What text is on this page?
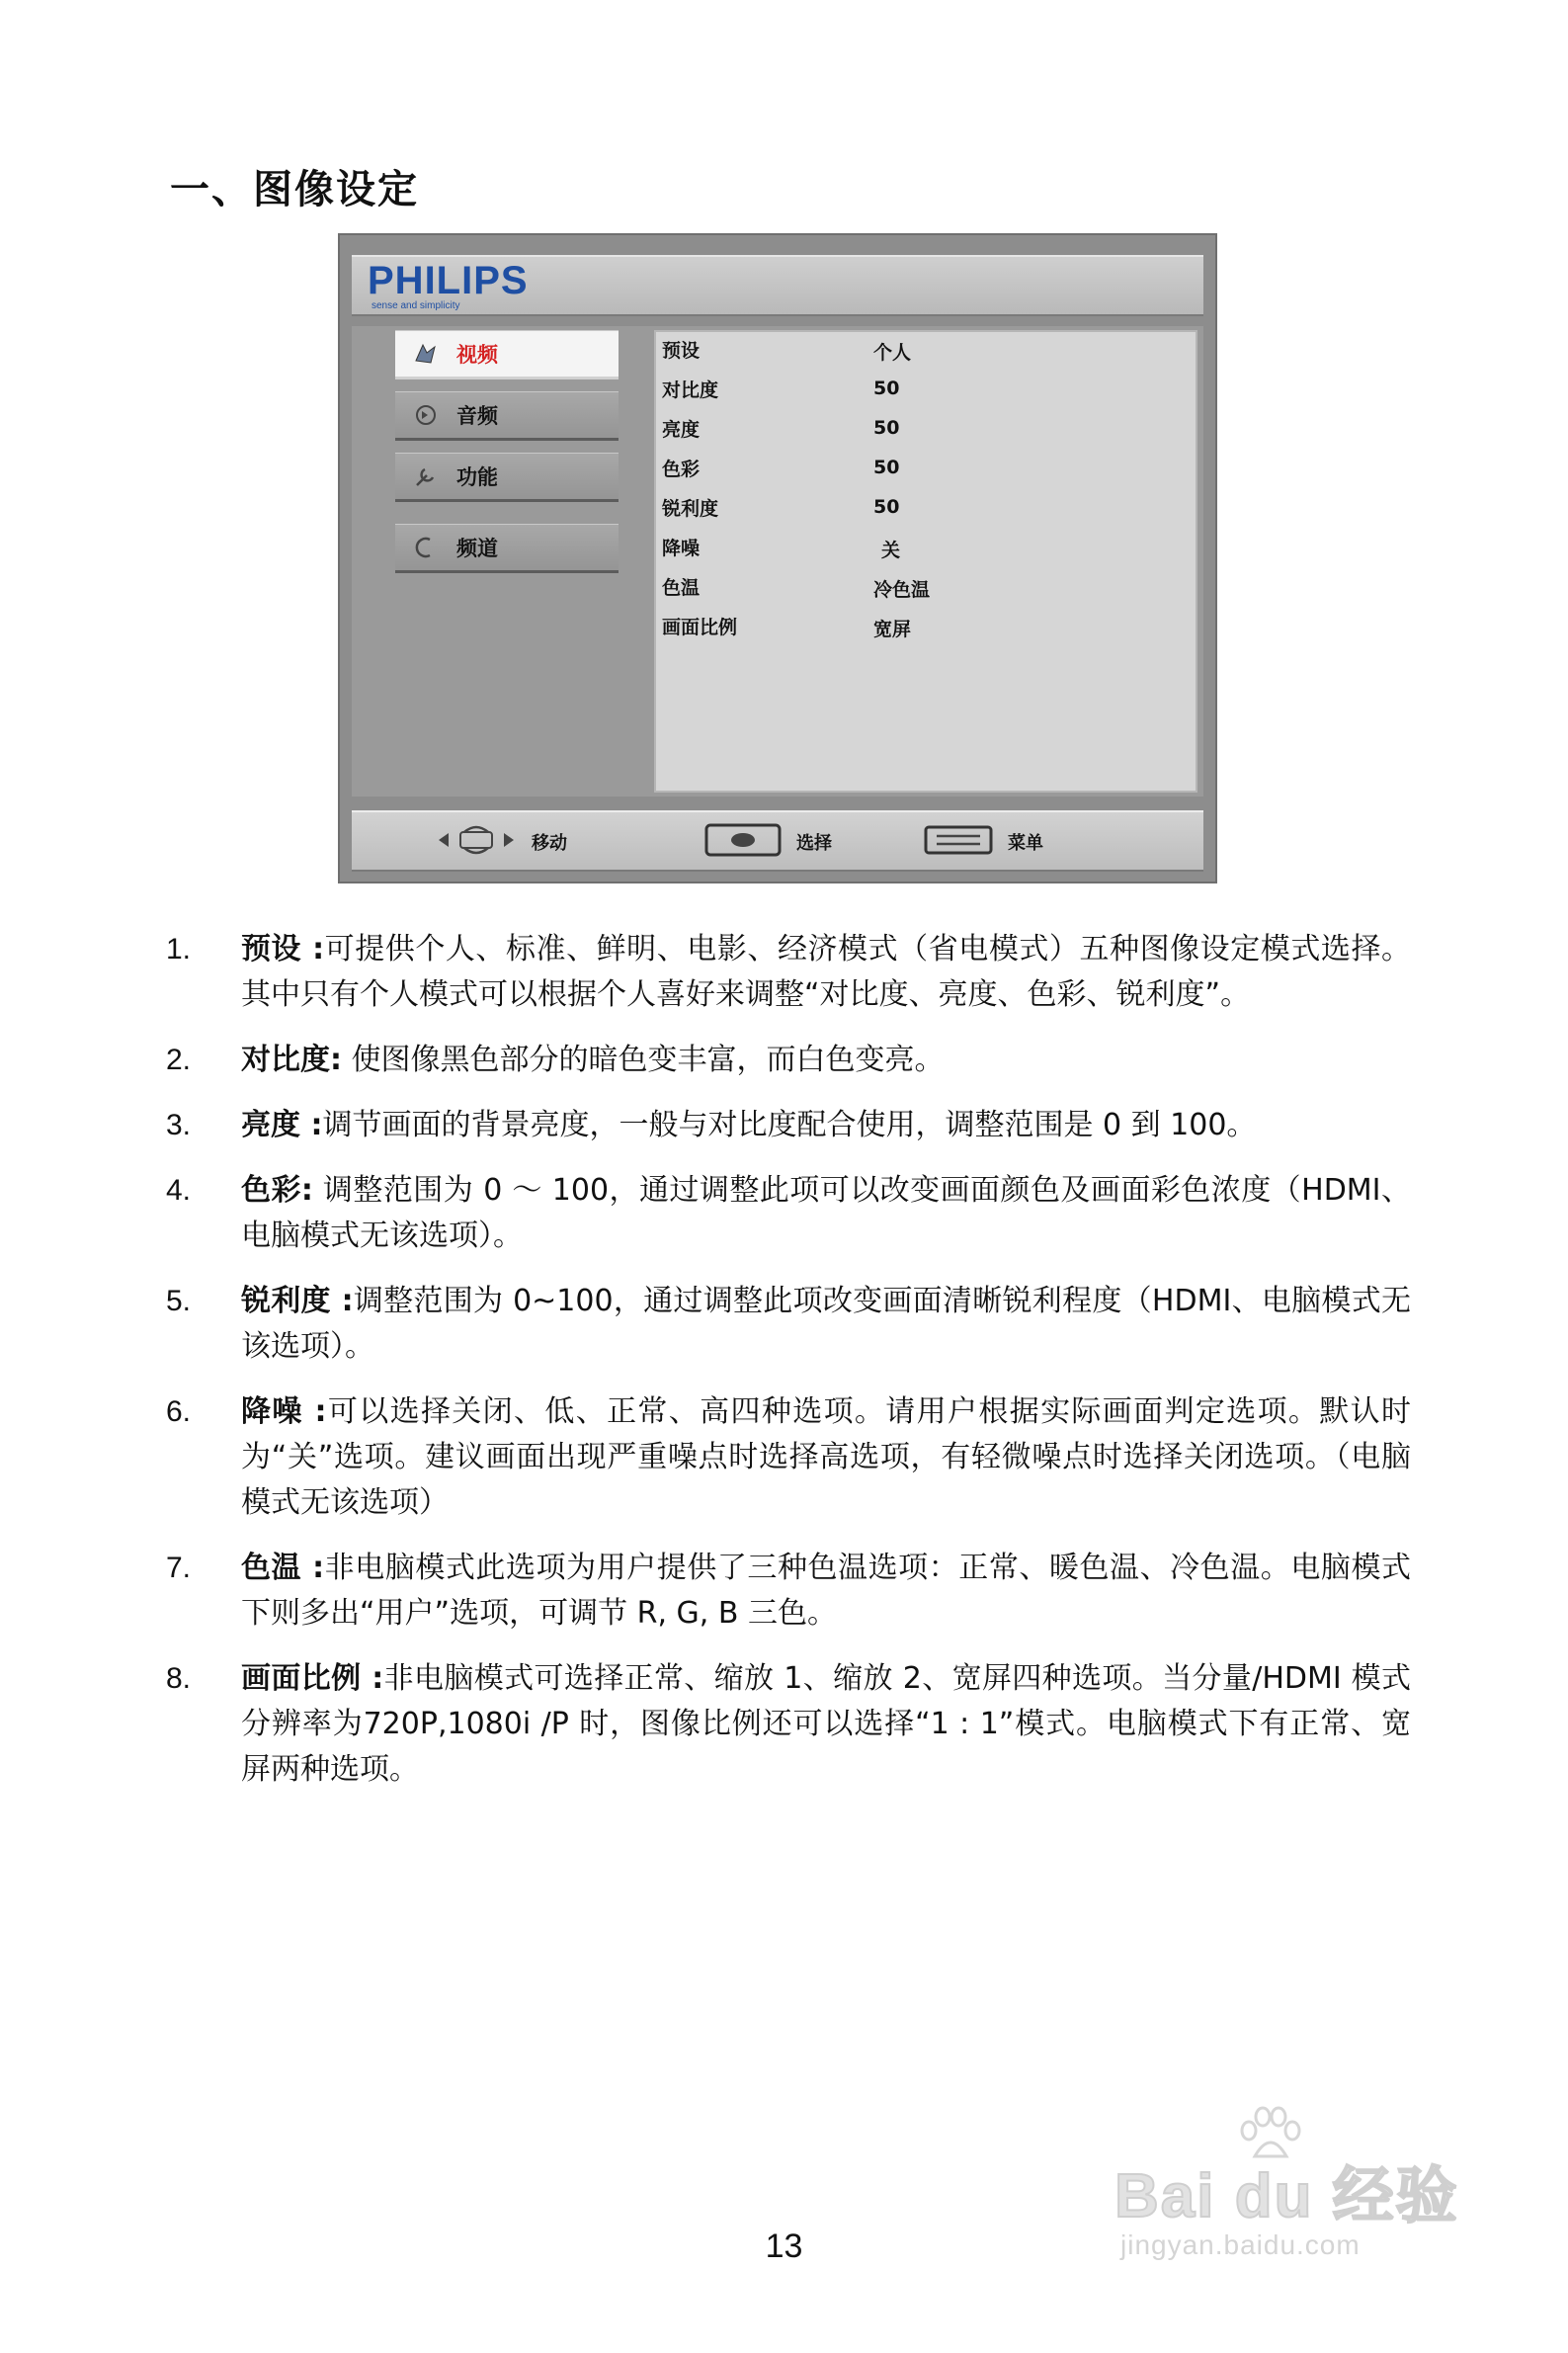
一、图像设定
PHILIPS
sense and simplicity
视频
音频
功能
频道
预设	个人
对比度	50
亮度	50
色彩	50
锐利度	50
降噪	关
色温	冷色温
画面比例	宽屏
移动	选择	菜单
1. 预设 :可提供个人、标准、鲜明、电影、经济模式（省电模式）五种图像设定模式选择。其中只有个人模式可以根据个人喜好来调整“对比度、亮度、色彩、锐利度”。
2. 对比度: 使图像黑色部分的暗色变丰富，而白色变亮。
3. 亮度 :调节画面的背景亮度，一般与对比度配合使用，调整范围是 0 到 100。
4. 色彩: 调整范围为 0 ～ 100，通过调整此项可以改变画面颜色及画面彩色浓度（HDMI、电脑模式无该选项）。
5. 锐利度 :调整范围为 0~100，通过调整此项改变画面清晰锐利程度（HDMI、电脑模式无该选项）。
6. 降噪 :可以选择关闭、低、正常、高四种选项。请用户根据实际画面判定选项。默认时为“关”选项。建议画面出现严重噪点时选择高选项，有轻微噪点时选择关闭选项。（电脑模式无该选项）
7. 色温 :非电脑模式此选项为用户提供了三种色温选项：正常、暖色温、冷色温。电脑模式下则多出“用户”选项，可调节 R, G, B 三色。
8. 画面比例 :非电脑模式可选择正常、缩放 1、缩放 2、宽屏四种选项。当分量/HDMI 模式分辨率为720P,1080i /P 时，图像比例还可以选择“1 : 1”模式。电脑模式下有正常、宽屏两种选项。
Bai du 经验
jingyan.baidu.com
13
